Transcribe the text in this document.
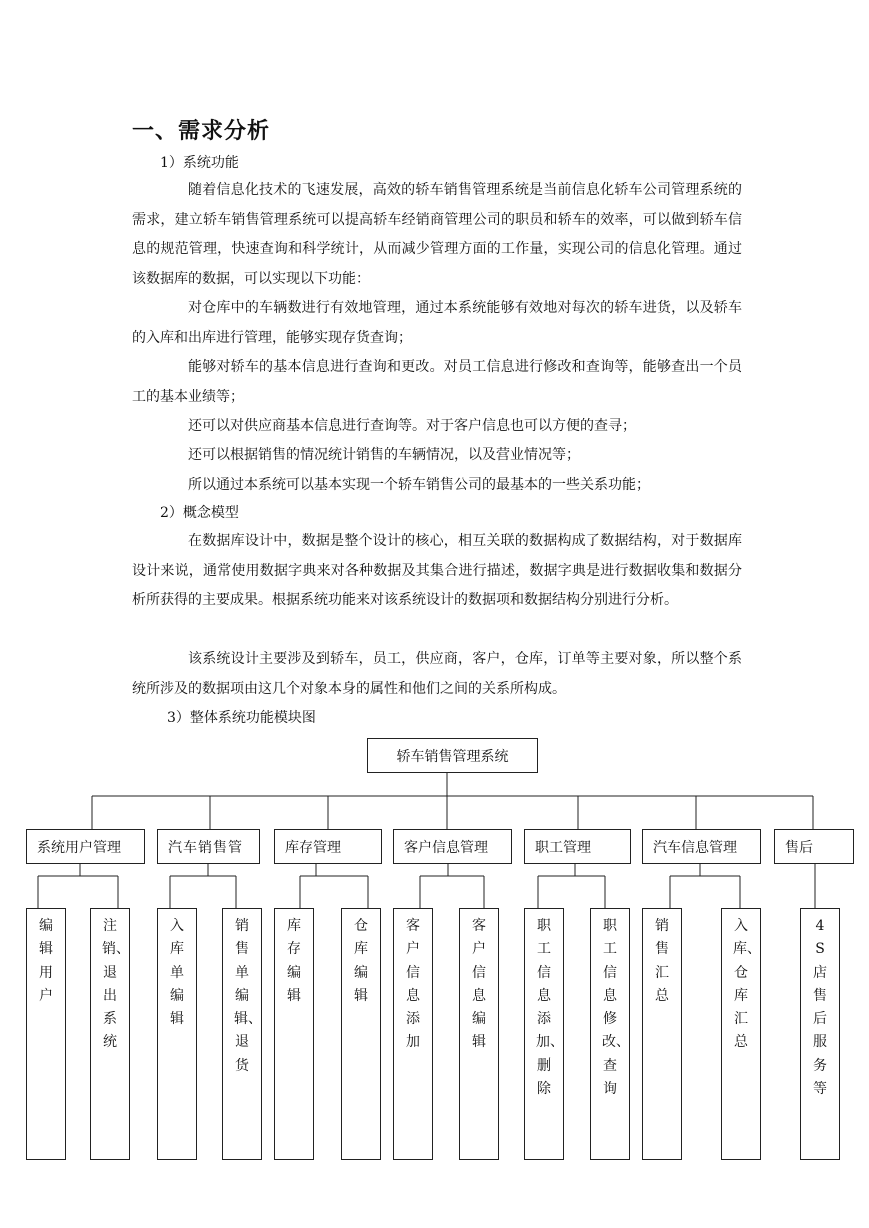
一、需求分析
1）系统功能
随着信息化技术的飞速发展，高效的轿车销售管理系统是当前信息化轿车公司管理系统的需求，建立轿车销售管理系统可以提高轿车经销商管理公司的职员和轿车的效率，可以做到轿车信息的规范管理，快速查询和科学统计，从而减少管理方面的工作量，实现公司的信息化管理。通过该数据库的数据，可以实现以下功能：
对仓库中的车辆数进行有效地管理，通过本系统能够有效地对每次的轿车进货，以及轿车的入库和出库进行管理，能够实现存货查询；
能够对轿车的基本信息进行查询和更改。对员工信息进行修改和查询等，能够查出一个员工的基本业绩等；
还可以对供应商基本信息进行查询等。对于客户信息也可以方便的查寻；
还可以根据销售的情况统计销售的车辆情况，以及营业情况等；
所以通过本系统可以基本实现一个轿车销售公司的最基本的一些关系功能；
2）概念模型
在数据库设计中，数据是整个设计的核心，相互关联的数据构成了数据结构，对于数据库设计来说，通常使用数据字典来对各种数据及其集合进行描述，数据字典是进行数据收集和数据分析所获得的主要成果。根据系统功能来对该系统设计的数据项和数据结构分别进行分析。
该系统设计主要涉及到轿车，员工，供应商，客户，仓库，订单等主要对象，所以整个系统所涉及的数据项由这几个对象本身的属性和他们之间的关系所构成。
3）整体系统功能模块图
轿车销售管理系统
系统用户管理	汽车销售管	库存管理	客户信息管理	职工管理	汽车信息管理	售后
编辑用户
注销、退出系统
入库单编辑
销售单编辑、退货
库存编辑
仓库编辑
客户信息添加
客户信息编辑
职工信息添加、删除
职工信息修改、查询
销售汇总
入库、仓库汇总
4S店售后服务等
